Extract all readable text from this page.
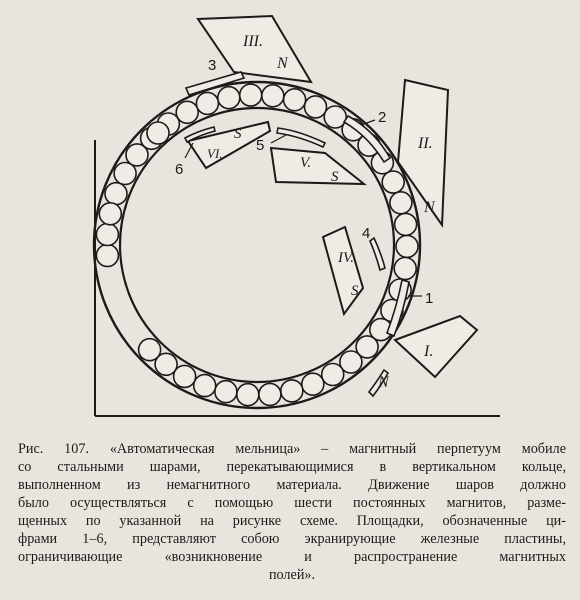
III.
N
II.
N
I.
N
IV.
S
V.
S
VI.
S
3
2
5
6
4
1
Рис. 107. «Автоматическая мельница» – магнитный перпетуум мобиле
со стальными шарами, перекатывающимися в вертикальном кольце,
выполненном из немагнитного материала. Движение шаров должно
было осуществляться с помощью шести постоянных магнитов, разме-
щенных по указанной на рисунке схеме. Площадки, обозначенные ци-
фрами 1–6, представляют собою экранирующие железные пластины,
ограничивающие «возникновение и распространение магнитных
полей».
